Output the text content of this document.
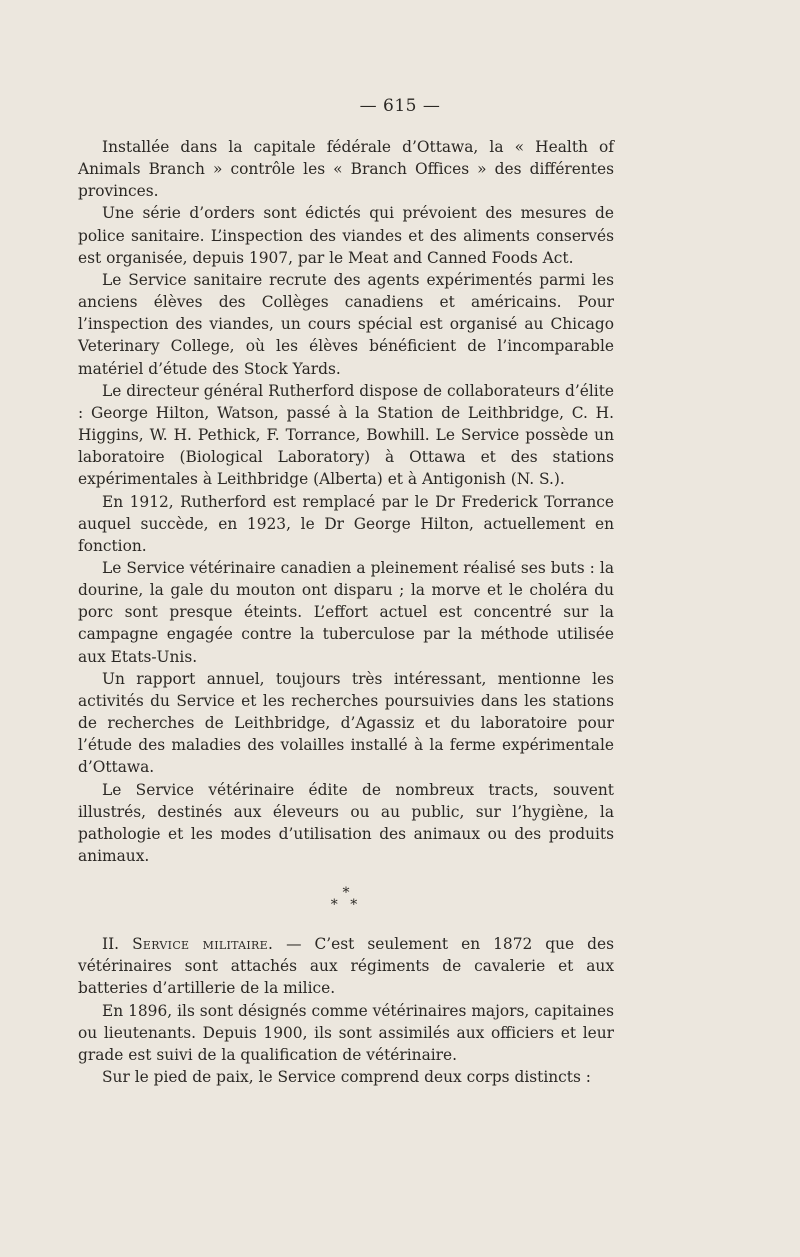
— 615 —

Installée dans la capitale fédérale d’Ottawa, la « Health of Animals Branch » contrôle les « Branch Offices » des différentes provinces.

Une série d’orders sont édictés qui prévoient des mesures de police sanitaire. L’inspection des viandes et des aliments conservés est organisée, depuis 1907, par le Meat and Canned Foods Act.

Le Service sanitaire recrute des agents expérimentés parmi les anciens élèves des Collèges canadiens et américains. Pour l’inspection des viandes, un cours spécial est organisé au Chicago Veterinary College, où les élèves bénéficient de l’incomparable matériel d’étude des Stock Yards.

Le directeur général Rutherford dispose de collaborateurs d’élite : George Hilton, Watson, passé à la Station de Leithbridge, C. H. Higgins, W. H. Pethick, F. Torrance, Bowhill. Le Service possède un laboratoire (Biological Laboratory) à Ottawa et des stations expérimentales à Leithbridge (Alberta) et à Antigonish (N. S.).

En 1912, Rutherford est remplacé par le Dr Frederick Torrance auquel succède, en 1923, le Dr George Hilton, actuellement en fonction.

Le Service vétérinaire canadien a pleinement réalisé ses buts : la dourine, la gale du mouton ont disparu ; la morve et le choléra du porc sont presque éteints. L’effort actuel est concentré sur la campagne engagée contre la tuberculose par la méthode utilisée aux Etats-Unis.

Un rapport annuel, toujours très intéressant, mentionne les activités du Service et les recherches poursuivies dans les stations de recherches de Leithbridge, d’Agassiz et du laboratoire pour l’étude des maladies des volailles installé à la ferme expérimentale d’Ottawa.

Le Service vétérinaire édite de nombreux tracts, souvent illustrés, destinés aux éleveurs ou au public, sur l’hygiène, la pathologie et les modes d’utilisation des animaux ou des produits animaux.

*
* *

II. Service militaire. — C’est seulement en 1872 que des vétérinaires sont attachés aux régiments de cavalerie et aux batteries d’artillerie de la milice.

En 1896, ils sont désignés comme vétérinaires majors, capitaines ou lieutenants. Depuis 1900, ils sont assimilés aux officiers et leur grade est suivi de la qualification de vétérinaire.

Sur le pied de paix, le Service comprend deux corps distincts :
